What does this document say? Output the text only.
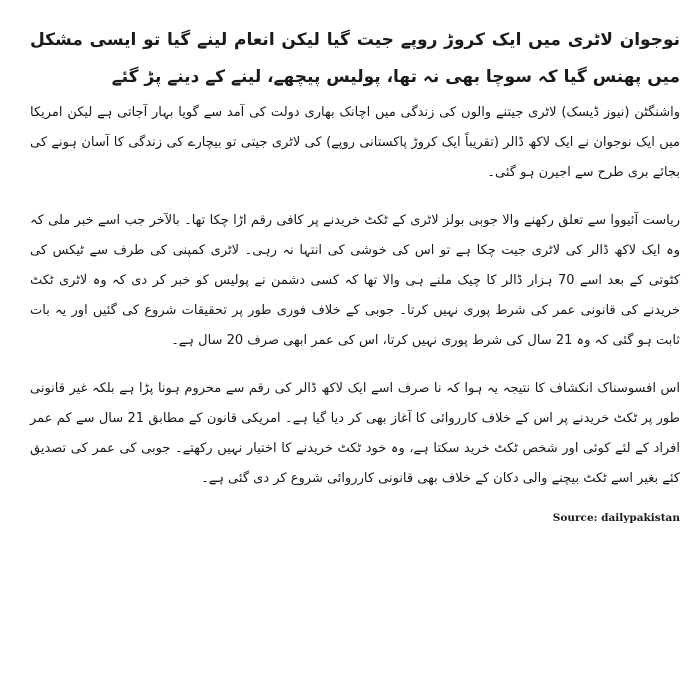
نوجوان لاٹری میں ایک کروڑ روپے جیت گیا لیکن انعام لینے گیا تو ایسی مشکل میں پھنس گیا کہ سوچا بھی نہ تھا، پولیس پیچھے، لینے کے دینے پڑ گئے

واشنگٹن (نیوز ڈیسک) لاٹری جیتنے والوں کی زندگی میں اچانک بھاری دولت کی آمد سے گویا بہار آجاتی ہے لیکن امریکا میں ایک نوجوان نے ایک لاکھ ڈالر (تقریباً ایک کروڑ پاکستانی روپے) کی لاٹری جیتی تو بیچارے کی زندگی کا آسان ہونے کی بجائے بری طرح سے اجیرن ہو گئی۔

ریاست آئیووا سے تعلق رکھنے والا جوبی بولز لاٹری کے ٹکٹ خریدنے پر کافی رقم اڑا چکا تھا۔ بالآخر جب اسے خبر ملی کہ وہ ایک لاکھ ڈالر کی لاٹری جیت چکا ہے تو اس کی خوشی کی انتہا نہ رہی۔ لاٹری کمپنی کی طرف سے ٹیکس کی کٹوتی کے بعد اسے 70 ہزار ڈالر کا چیک ملنے ہی والا تھا کہ کسی دشمن نے پولیس کو خبر کر دی کہ وہ لاٹری ٹکٹ خریدنے کی قانونی عمر کی شرط پوری نہیں کرتا۔ جوبی کے خلاف فوری طور پر تحقیقات شروع کی گئیں اور یہ بات ثابت ہو گئی کہ وہ 21 سال کی شرط پوری نہیں کرتا، اس کی عمر ابھی صرف 20 سال ہے۔

اس افسوسناک انکشاف کا نتیجہ یہ ہوا کہ نا صرف اسے ایک لاکھ ڈالر کی رقم سے محروم ہونا پڑا ہے بلکہ غیر قانونی طور پر ٹکٹ خریدنے پر اس کے خلاف کارروائی کا آغاز بھی کر دیا گیا ہے۔ امریکی قانون کے مطابق 21 سال سے کم عمر افراد کے لئے کوئی اور شخص ٹکٹ خرید سکتا ہے، وہ خود ٹکٹ خریدنے کا اختیار نہیں رکھتے۔ جوبی کی عمر کی تصدیق کئے بغیر اسے ٹکٹ بیچنے والی دکان کے خلاف بھی قانونی کارروائی شروع کر دی گئی ہے۔

Source: dailypakistan
